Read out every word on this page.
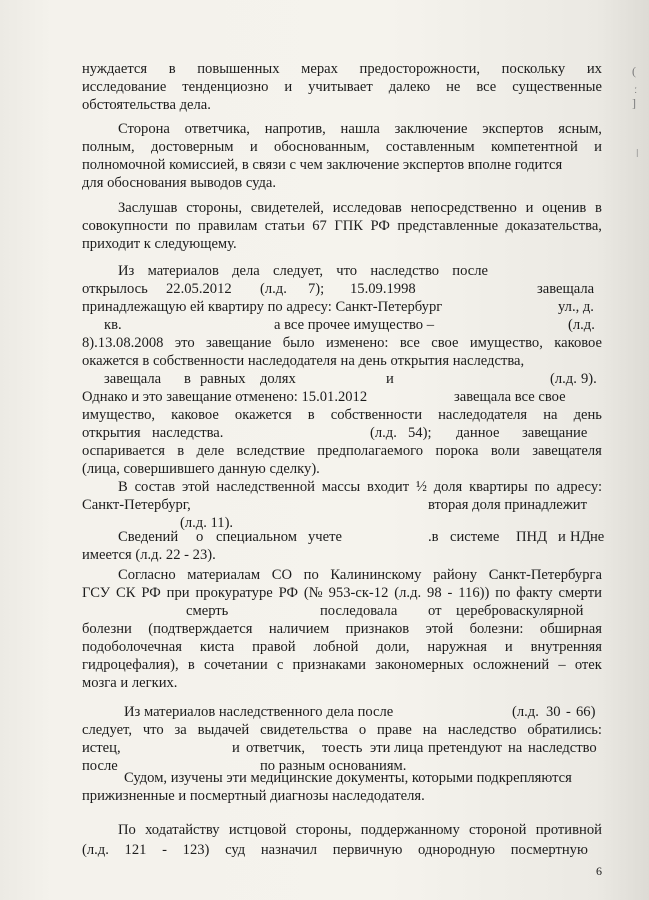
(
ː
]
ǀ
нуждается в повышенных мерах предосторожности, поскольку их
исследование тенденциозно и учитывает далеко не все существенные
обстоятельства дела.
Сторона ответчика, напротив, нашла заключение экспертов ясным,
полным, достоверным и обоснованным, составленным компетентной и
полномочной комиссией, в связи с чем заключение экспертов вполне годится
для обоснования выводов суда.
Заслушав стороны, свидетелей, исследовав непосредственно и оценив в
совокупности по правилам статьи 67 ГПК РФ представленные доказательства,
приходит к следующему.
Из материалов дела следует, что наследство после
открылось 22.05.2012 (л.д. 7); 15.09.1998	завещала
принадлежащую ей квартиру по адресу: Санкт-Петербург	ул., д.
кв.	а все прочее имущество –	(л.д.
8).13.08.2008 это завещание было изменено: все свое имущество, каковое
окажется в собственности наследодателя на день открытия наследства,
завещала в равных долях	и	(л.д. 9).
Однако и это завещание отменено: 15.01.2012	завещала все свое
имущество, каковое окажется в собственности наследодателя на день
открытия наследства.	(л.д. 54); данное завещание
оспаривается в деле вследствие предполагаемого порока воли завещателя
(лица, совершившего данную сделку).
В состав этой наследственной массы входит ½ доля квартиры по адресу:
Санкт-Петербург,	вторая доля принадлежит
(л.д. 11).
Сведений о специальном учете	.в системе ПНД и НД не
имеется (л.д. 22 - 23).
Согласно материалам СО по Калининскому району Санкт-Петербурга
ГСУ СК РФ при прокуратуре РФ (№ 953-ск-12 (л.д. 98 - 116)) по факту смерти
смерть	последовала от цереброваскулярной
болезни (подтверждается наличием признаков этой болезни: обширная
подоболочечная киста правой лобной доли, наружная и внутренняя
гидроцефалия), в сочетании с признаками закономерных осложнений – отек
мозга и легких.
Из материалов наследственного дела после	(л.д. 30 - 66)
следует, что за выдачей свидетельства о праве на наследство обратились:
истец,	и ответчик, то есть эти лица претендуют на наследство
после	по разным основаниям.
Судом, изучены эти медицинские документы, которыми подкрепляются
прижизненные и посмертный диагнозы наследодателя.
По ходатайству истцовой стороны, поддержанному стороной противной
(л.д. 121 - 123) суд назначил первичную однородную посмертную
6
